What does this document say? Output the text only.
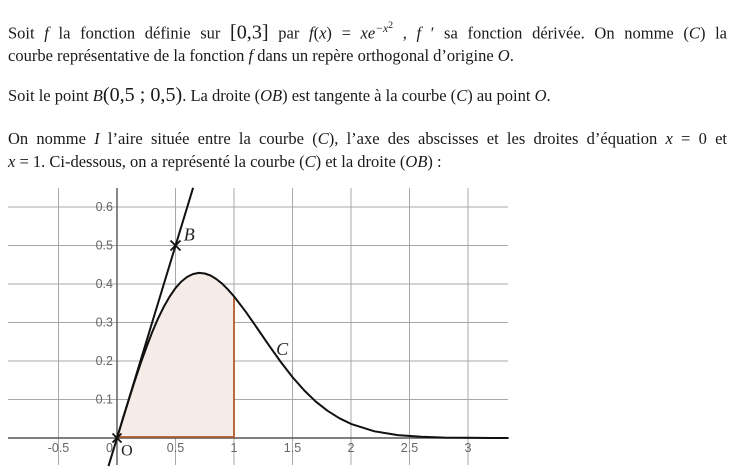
Soit f la fonction définie sur [0,3] par $f(x) = xe^{-x2}$ , f ′ sa fonction dérivée. On nomme (C) la
courbe représentative de la fonction f dans un repère orthogonal d’origine O.
Soit le point B(0,5 ; 0,5). La droite (OB) est tangente à la courbe (C) au point O.
On nomme I l’aire située entre la courbe (C), l’axe des abscisses et les droites d’équation x = 0 et
x = 1. Ci-dessous, on a représenté la courbe (C) et la droite (OB) :
-0.5	0	0.5	1	1.5	2	2.5	3
0.1
0.2
0.3
0.4
0.5
0.6
B
C
O
